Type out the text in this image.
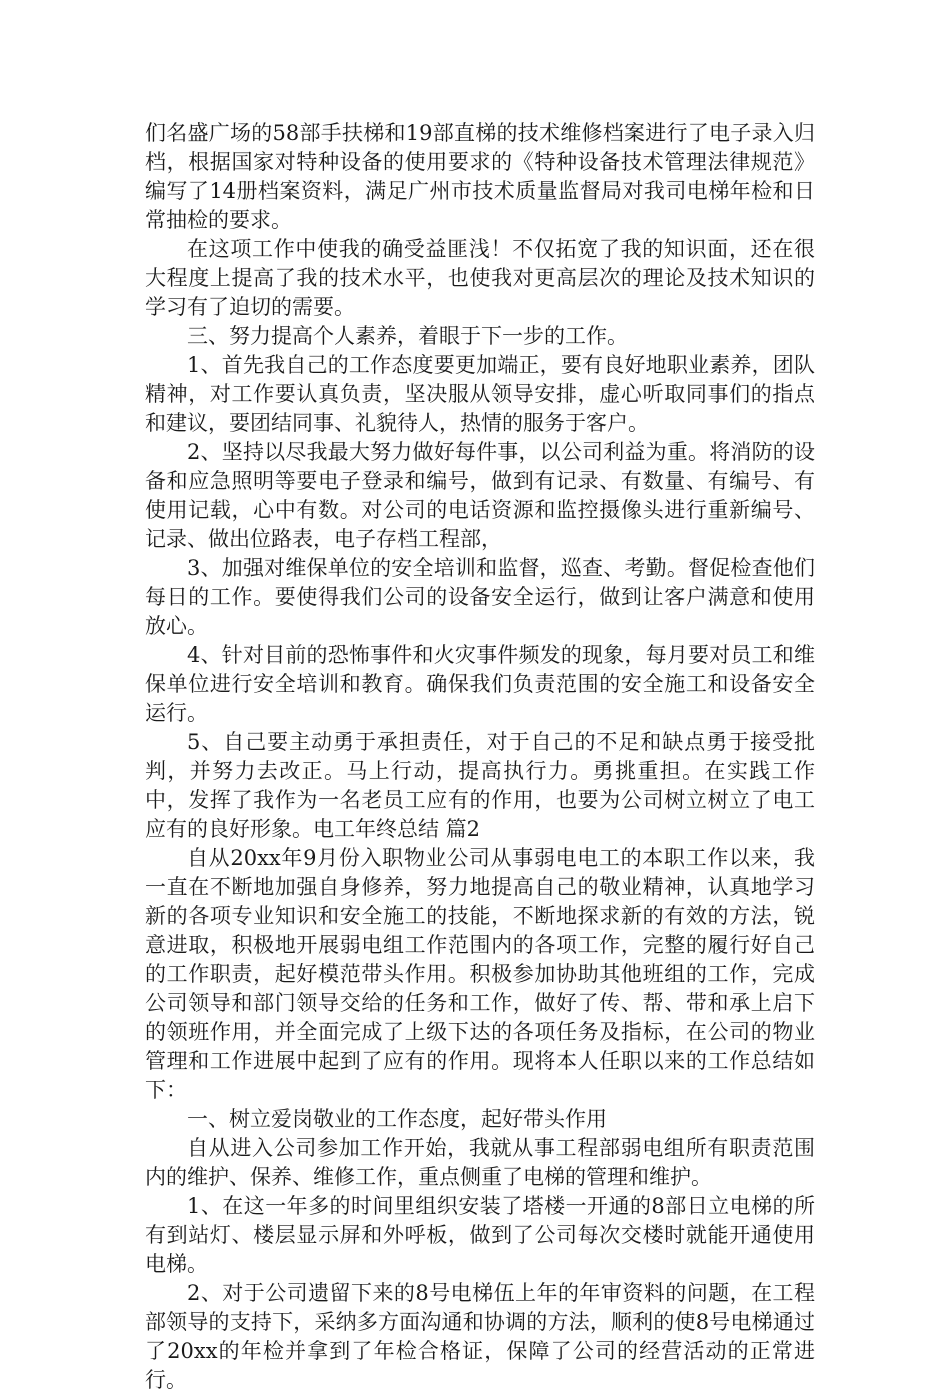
们名盛广场的58部手扶梯和19部直梯的技术维修档案进行了电子录入归档，根据国家对特种设备的使用要求的《特种设备技术管理法律规范》编写了14册档案资料，满足广州市技术质量监督局对我司电梯年检和日常抽检的要求。

在这项工作中使我的确受益匪浅！不仅拓宽了我的知识面，还在很大程度上提高了我的技术水平，也使我对更高层次的理论及技术知识的学习有了迫切的需要。

三、努力提高个人素养，着眼于下一步的工作。

1、首先我自己的工作态度要更加端正，要有良好地职业素养，团队精神，对工作要认真负责，坚决服从领导安排，虚心听取同事们的指点和建议，要团结同事、礼貌待人，热情的服务于客户。

2、坚持以尽我最大努力做好每件事，以公司利益为重。将消防的设备和应急照明等要电子登录和编号，做到有记录、有数量、有编号、有使用记载，心中有数。对公司的电话资源和监控摄像头进行重新编号、记录、做出位路表，电子存档工程部，

3、加强对维保单位的安全培训和监督，巡查、考勤。督促检查他们每日的工作。要使得我们公司的设备安全运行，做到让客户满意和使用放心。

4、针对目前的恐怖事件和火灾事件频发的现象，每月要对员工和维保单位进行安全培训和教育。确保我们负责范围的安全施工和设备安全运行。

5、自己要主动勇于承担责任，对于自己的不足和缺点勇于接受批判，并努力去改正。马上行动，提高执行力。勇挑重担。在实践工作中，发挥了我作为一名老员工应有的作用，也要为公司树立树立了电工应有的良好形象。电工年终总结 篇2

自从20xx年9月份入职物业公司从事弱电电工的本职工作以来，我一直在不断地加强自身修养，努力地提高自己的敬业精神，认真地学习新的各项专业知识和安全施工的技能，不断地探求新的有效的方法，锐意进取，积极地开展弱电组工作范围内的各项工作，完整的履行好自己的工作职责，起好模范带头作用。积极参加协助其他班组的工作，完成公司领导和部门领导交给的任务和工作，做好了传、帮、带和承上启下的领班作用，并全面完成了上级下达的各项任务及指标，在公司的物业管理和工作进展中起到了应有的作用。现将本人任职以来的工作总结如下：

一、树立爱岗敬业的工作态度，起好带头作用

自从进入公司参加工作开始，我就从事工程部弱电组所有职责范围内的维护、保养、维修工作，重点侧重了电梯的管理和维护。

1、在这一年多的时间里组织安装了塔楼一开通的8部日立电梯的所有到站灯、楼层显示屏和外呼板，做到了公司每次交楼时就能开通使用电梯。

2、对于公司遗留下来的8号电梯伍上年的年审资料的问题，在工程部领导的支持下，采纳多方面沟通和协调的方法，顺利的使8号电梯通过了20xx的年检并拿到了年检合格证，保障了公司的经营活动的正常进行。
